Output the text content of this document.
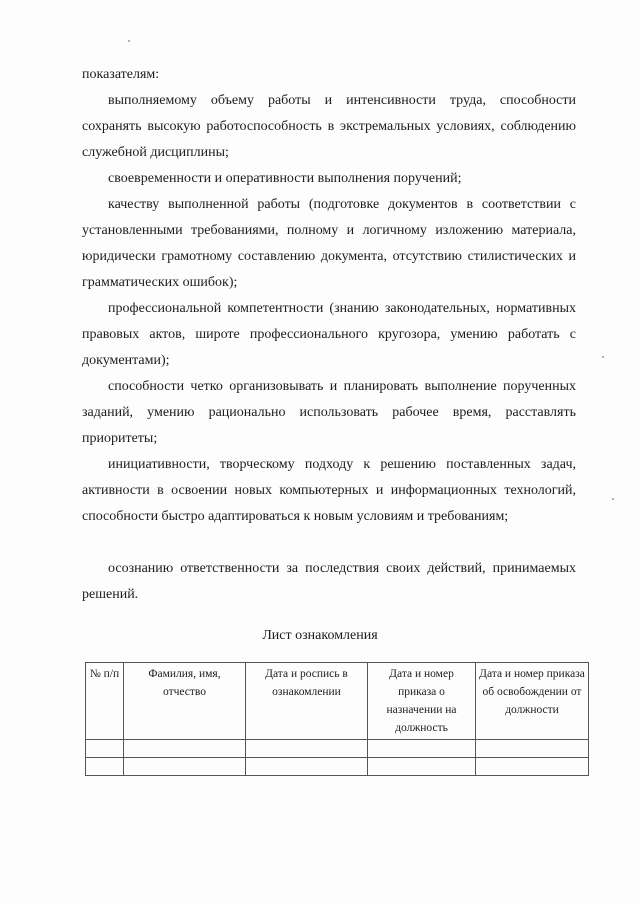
показателям:

выполняемому объему работы и интенсивности труда, способности сохранять высокую работоспособность в экстремальных условиях, соблюдению служебной дисциплины;

своевременности и оперативности выполнения поручений;

качеству выполненной работы (подготовке документов в соответствии с установленными требованиями, полному и логичному изложению материала, юридически грамотному составлению документа, отсутствию стилистических и грамматических ошибок);

профессиональной компетентности (знанию законодательных, нормативных правовых актов, широте профессионального кругозора, умению работать с документами);

способности четко организовывать и планировать выполнение порученных заданий, умению рационально использовать рабочее время, расставлять приоритеты;

инициативности, творческому подходу к решению поставленных задач, активности в освоении новых компьютерных и информационных технологий, способности быстро адаптироваться к новым условиям и требованиям;

осознанию ответственности за последствия своих действий, принимаемых решений.

Лист ознакомления

№ п/п	Фамилия, имя, отчество	Дата и роспись в ознакомлении	Дата и номер приказа о назначении на должность	Дата и номер приказа об освобождении от должности
